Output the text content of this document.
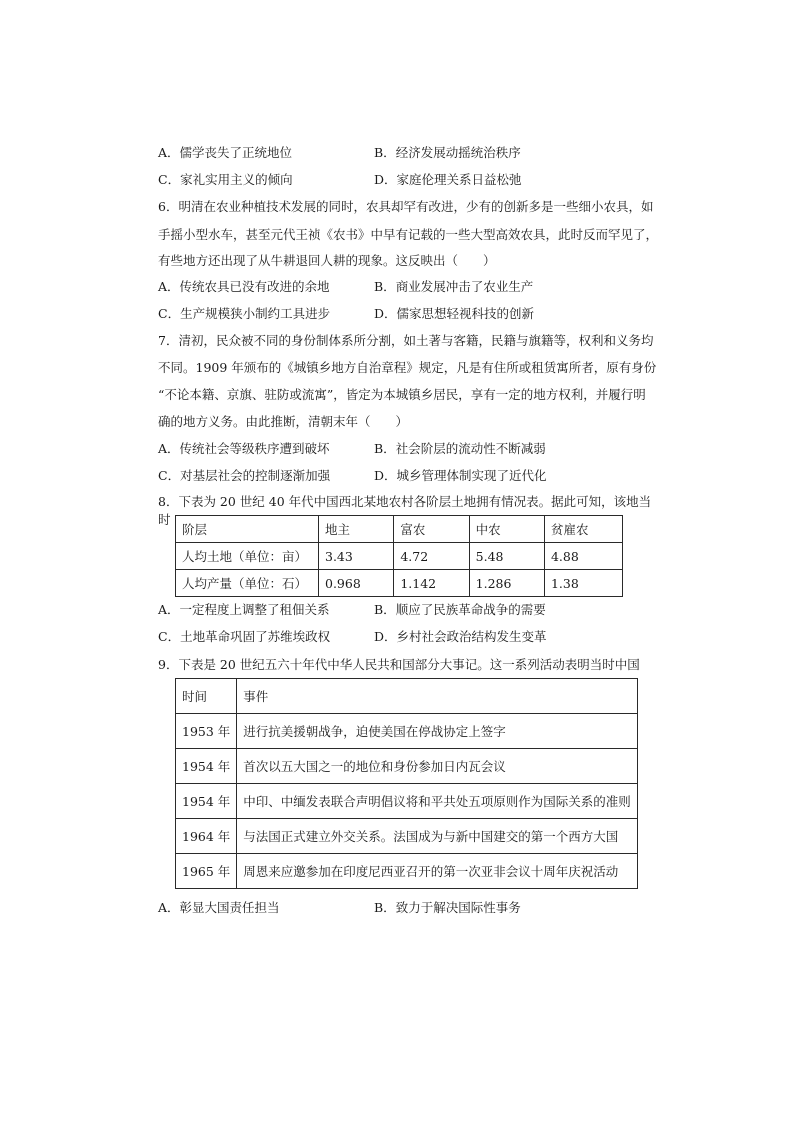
A．儒学丧失了正统地位	B．经济发展动摇统治秩序
C．家礼实用主义的倾向	D．家庭伦理关系日益松弛
6．明清在农业种植技术发展的同时，农具却罕有改进，少有的创新多是一些细小农具，如
手摇小型水车，甚至元代王祯《农书》中早有记载的一些大型高效农具，此时反而罕见了，
有些地方还出现了从牛耕退回人耕的现象。这反映出（　　）
A．传统农具已没有改进的余地	B．商业发展冲击了农业生产
C．生产规模狭小制约工具进步	D．儒家思想轻视科技的创新
7．清初，民众被不同的身份制体系所分割，如土著与客籍，民籍与旗籍等，权利和义务均
不同。1909 年颁布的《城镇乡地方自治章程》规定，凡是有住所或租赁寓所者，原有身份
“不论本籍、京旗、驻防或流寓”，皆定为本城镇乡居民，享有一定的地方权利，并履行明
确的地方义务。由此推断，清朝末年（　　）
A．传统社会等级秩序遭到破坏	B．社会阶层的流动性不断减弱
C．对基层社会的控制逐渐加强	D．城乡管理体制实现了近代化
8．下表为 20 世纪 40 年代中国西北某地农村各阶层土地拥有情况表。据此可知，该地当时
阶层	地主	富农	中农	贫雇农
人均土地（单位：亩）	3.43	4.72	5.48	4.88
人均产量（单位：石）	0.968	1.142	1.286	1.38
A．一定程度上调整了租佃关系	B．顺应了民族革命战争的需要
C．土地革命巩固了苏维埃政权	D．乡村社会政治结构发生变革
9．下表是 20 世纪五六十年代中华人民共和国部分大事记。这一系列活动表明当时中国
时间	事件
1953 年	进行抗美援朝战争，迫使美国在停战协定上签字
1954 年	首次以五大国之一的地位和身份参加日内瓦会议
1954 年	中印、中缅发表联合声明倡议将和平共处五项原则作为国际关系的准则
1964 年	与法国正式建立外交关系。法国成为与新中国建交的第一个西方大国
1965 年	周恩来应邀参加在印度尼西亚召开的第一次亚非会议十周年庆祝活动
A．彰显大国责任担当	B．致力于解决国际性事务
